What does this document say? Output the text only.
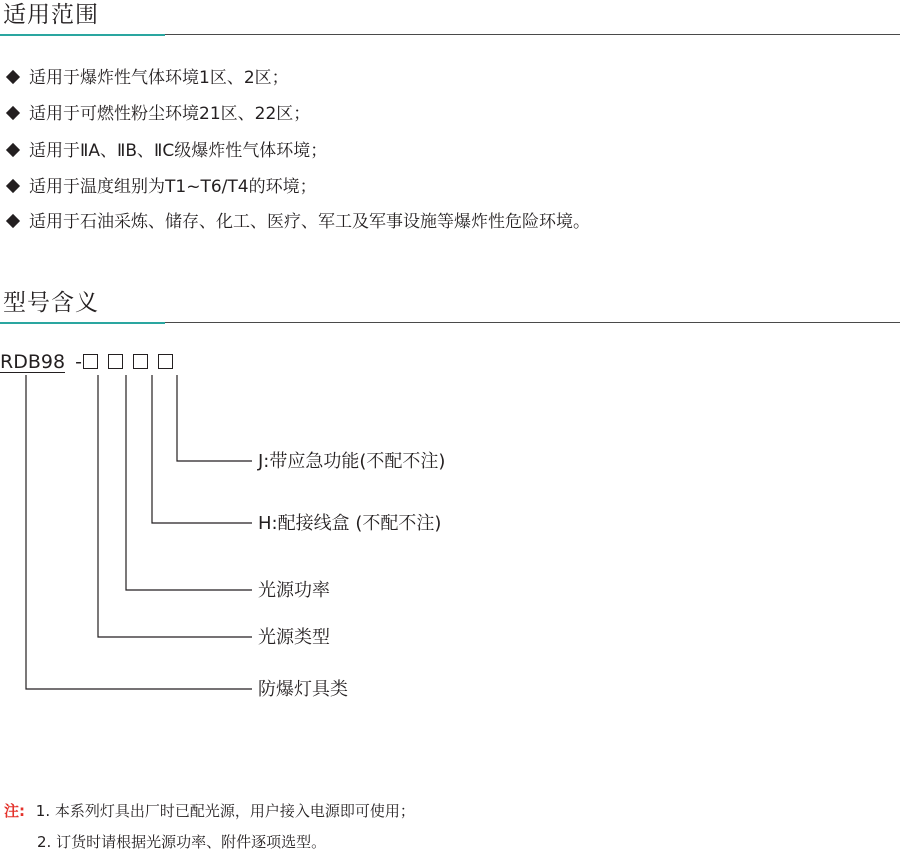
适用范围
适用于爆炸性气体环境1区、2区；
适用于可燃性粉尘环境21区、22区；
适用于ⅡA、ⅡB、ⅡC级爆炸性气体环境；
适用于温度组别为T1~T6/T4的环境；
适用于石油采炼、储存、化工、医疗、军工及军事设施等爆炸性危险环境。
型号含义
RDB98 -
J:带应急功能(不配不注)
H:配接线盒 (不配不注)
光源功率
光源类型
防爆灯具类
注: 1. 本系列灯具出厂时已配光源，用户接入电源即可使用；
2. 订货时请根据光源功率、附件逐项选型。
